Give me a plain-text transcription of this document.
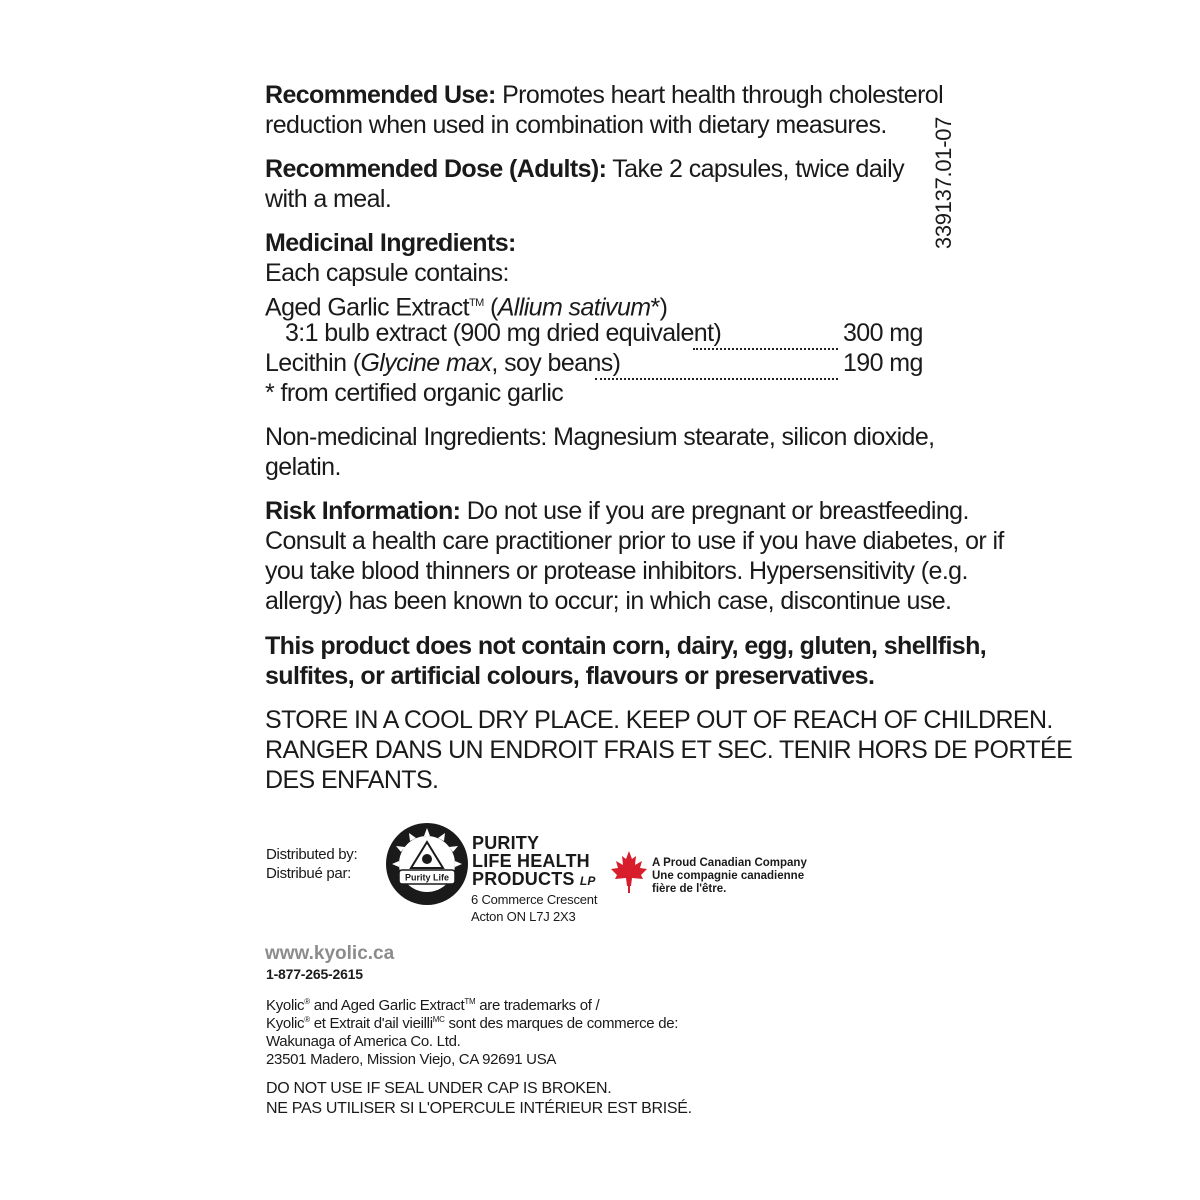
339137.01-07
Recommended Use: Promotes heart health through cholesterol
reduction when used in combination with dietary measures.
Recommended Dose (Adults): Take 2 capsules, twice daily
with a meal.
Medicinal Ingredients:
Each capsule contains:
Aged Garlic Extract™ (Allium sativum*)
3:1 bulb extract (900 mg dried equivalent)	300 mg
Lecithin (Glycine max, soy beans)	190 mg
* from certified organic garlic
Non-medicinal Ingredients: Magnesium stearate, silicon dioxide,
gelatin.
Risk Information: Do not use if you are pregnant or breastfeeding.
Consult a health care practitioner prior to use if you have diabetes, or if
you take blood thinners or protease inhibitors. Hypersensitivity (e.g.
allergy) has been known to occur; in which case, discontinue use.
This product does not contain corn, dairy, egg, gluten, shellfish,
sulfites, or artificial colours, flavours or preservatives.
STORE IN A COOL DRY PLACE. KEEP OUT OF REACH OF CHILDREN.
RANGER DANS UN ENDROIT FRAIS ET SEC. TENIR HORS DE PORTÉE
DES ENFANTS.
Distributed by:
Distribué par:	Purity Life
PURITY
LIFE HEALTH
PRODUCTS LP
6 Commerce Crescent
Acton ON L7J 2X3
A Proud Canadian Company
Une compagnie canadienne
fière de l'être.
www.kyolic.ca
1-877-265-2615
Kyolic® and Aged Garlic Extract™ are trademarks of /
Kyolic® et Extrait d'ail vieilli$^{MC}$ sont des marques de commerce de:
Wakunaga of America Co. Ltd.
23501 Madero, Mission Viejo, CA 92691 USA
DO NOT USE IF SEAL UNDER CAP IS BROKEN.
NE PAS UTILISER SI L'OPERCULE INTÉRIEUR EST BRISÉ.
